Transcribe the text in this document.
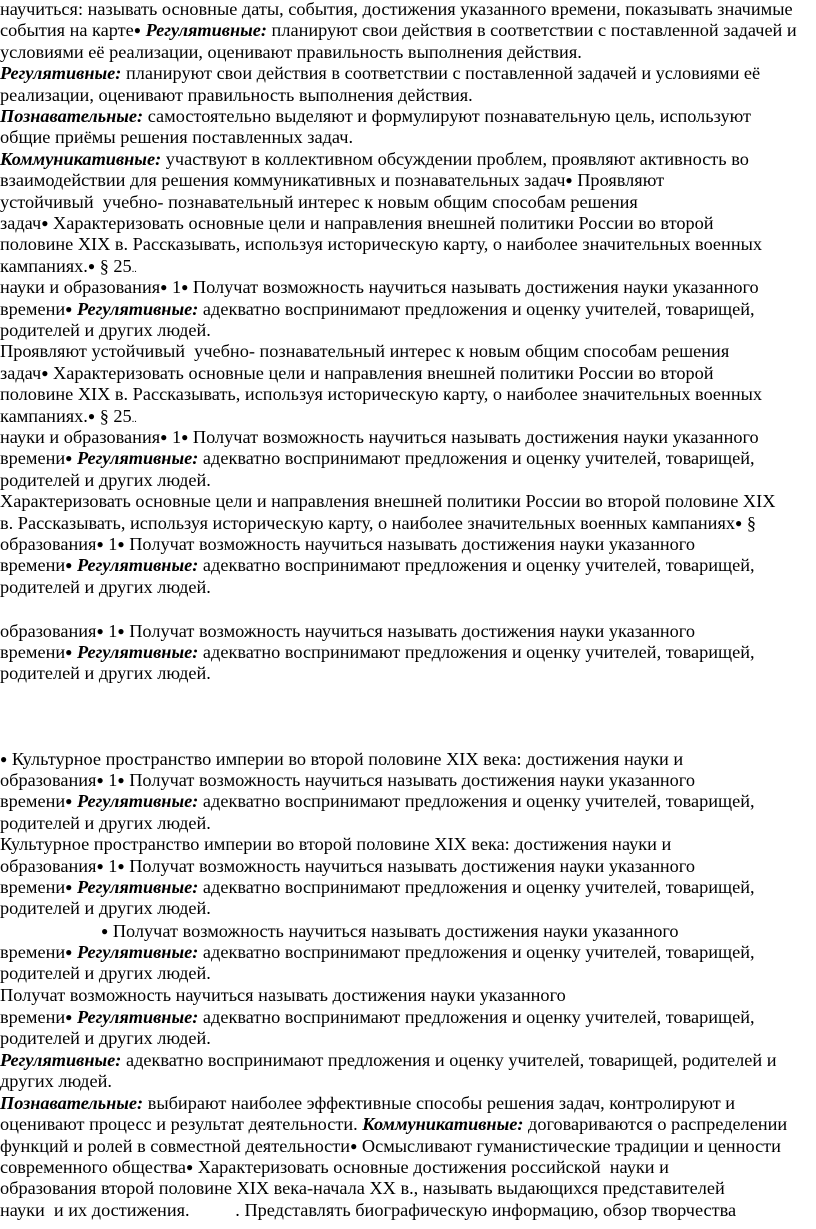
научиться: называть основные даты, события, достижения указанного времени, показывать значимые
события на карте● Регулятивные: планируют свои действия в соответствии с поставленной задачей и
условиями её реализации, оценивают правильность выполнения действия.
Регулятивные: планируют свои действия в соответствии с поставленной задачей и условиями её
реализации, оценивают правильность выполнения действия.
Познавательные: самостоятельно выделяют и формулируют познавательную цель, используют
общие приёмы решения поставленных задач.
Коммуникативные: участвуют в коллективном обсуждении проблем, проявляют активность во
взаимодействии для решения коммуникативных и познавательных задач● Проявляют
устойчивый  учебно- познавательный интерес к новым общим способам решения
задач● Характеризовать основные цели и направления внешней политики России во второй
половине XIX в. Рассказывать, используя историческую карту, о наиболее значительных военных
кампаниях.● § 25..
науки и образования● 1● Получат возможность научиться называть достижения науки указанного
времени● Регулятивные: адекватно воспринимают предложения и оценку учителей, товарищей,
родителей и других людей.
Проявляют устойчивый  учебно- познавательный интерес к новым общим способам решения
задач● Характеризовать основные цели и направления внешней политики России во второй
половине XIX в. Рассказывать, используя историческую карту, о наиболее значительных военных
кампаниях.● § 25..
науки и образования● 1● Получат возможность научиться называть достижения науки указанного
времени● Регулятивные: адекватно воспринимают предложения и оценку учителей, товарищей,
родителей и других людей.
Характеризовать основные цели и направления внешней политики России во второй половине XIX
в. Рассказывать, используя историческую карту, о наиболее значительных военных кампаниях● §
образования● 1● Получат возможность научиться называть достижения науки указанного
времени● Регулятивные: адекватно воспринимают предложения и оценку учителей, товарищей,
родителей и других людей.
образования● 1● Получат возможность научиться называть достижения науки указанного
времени● Регулятивные: адекватно воспринимают предложения и оценку учителей, товарищей,
родителей и других людей.
● Культурное пространство империи во второй половине XIX века: достижения науки и
образования● 1● Получат возможность научиться называть достижения науки указанного
времени● Регулятивные: адекватно воспринимают предложения и оценку учителей, товарищей,
родителей и других людей.
Культурное пространство империи во второй половине XIX века: достижения науки и
образования● 1● Получат возможность научиться называть достижения науки указанного
времени● Регулятивные: адекватно воспринимают предложения и оценку учителей, товарищей,
родителей и других людей.
● Получат возможность научиться называть достижения науки указанного
времени● Регулятивные: адекватно воспринимают предложения и оценку учителей, товарищей,
родителей и других людей.
Получат возможность научиться называть достижения науки указанного
времени● Регулятивные: адекватно воспринимают предложения и оценку учителей, товарищей,
родителей и других людей.
Регулятивные: адекватно воспринимают предложения и оценку учителей, товарищей, родителей и
других людей.
Познавательные: выбирают наиболее эффективные способы решения задач, контролируют и
оценивают процесс и результат деятельности. Коммуникативные: договариваются о распределении
функций и ролей в совместной деятельности● Осмысливают гуманистические традиции и ценности
современного общества● Характеризовать основные достижения российской  науки и
образования второй половине XIX века-начала XX в., называть выдающихся представителей
науки  и их достижения.          . Представлять биографическую информацию, обзор творчества
